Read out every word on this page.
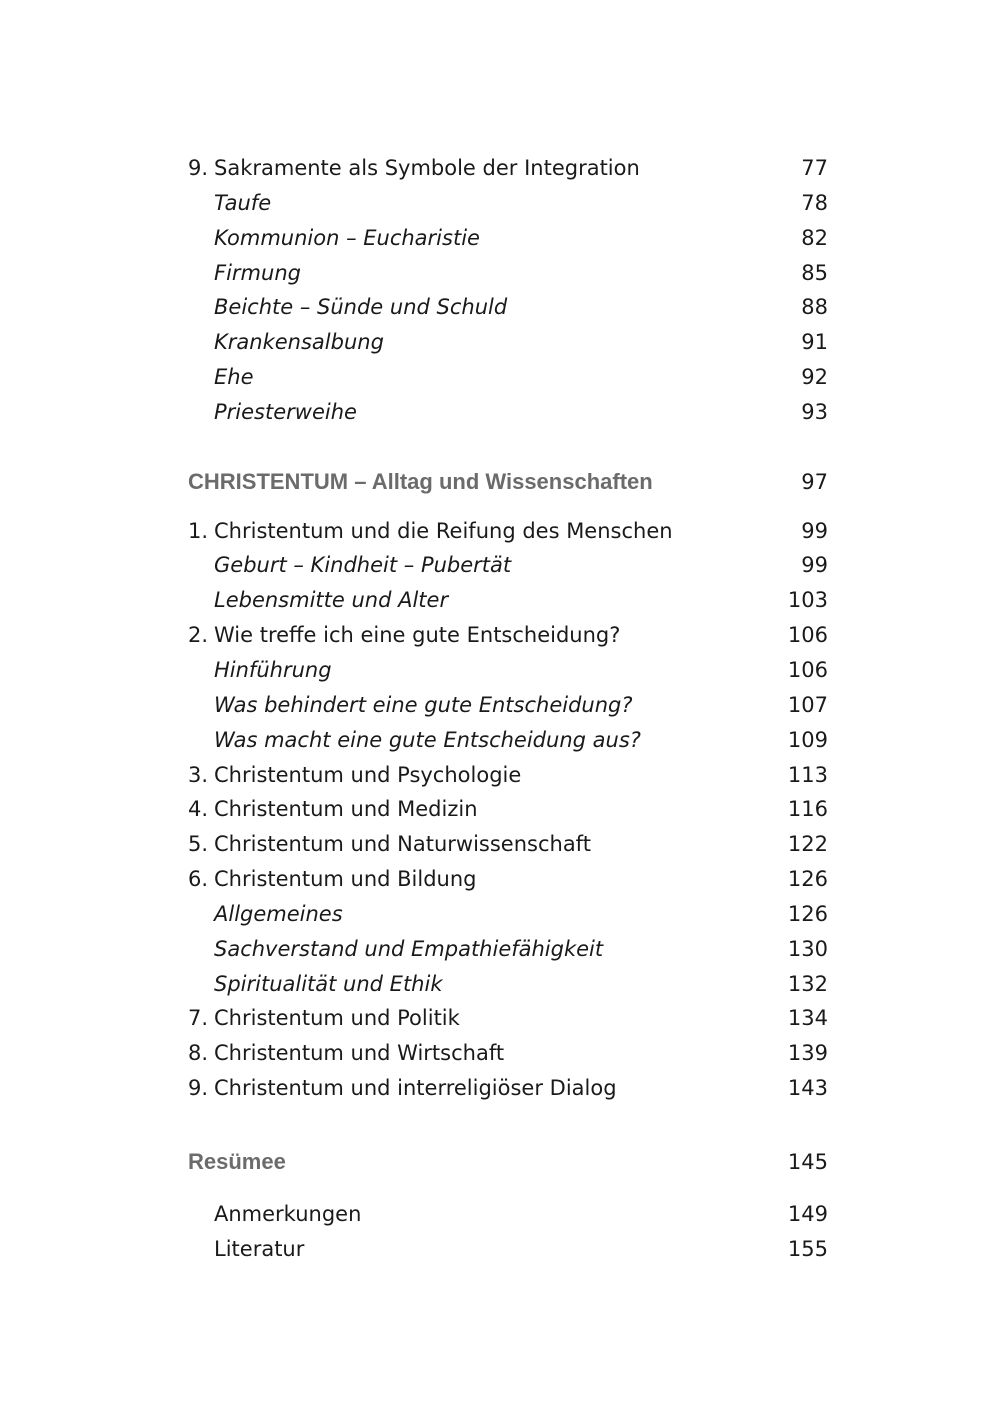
9. Sakramente als Symbole der Integration	77
Taufe	78
Kommunion – Eucharistie	82
Firmung	85
Beichte – Sünde und Schuld	88
Krankensalbung	91
Ehe	92
Priesterweihe	93
CHRISTENTUM – Alltag und Wissenschaften	97
1. Christentum und die Reifung des Menschen	99
Geburt – Kindheit – Pubertät	99
Lebensmitte und Alter	103
2. Wie treffe ich eine gute Entscheidung?	106
Hinführung	106
Was behindert eine gute Entscheidung?	107
Was macht eine gute Entscheidung aus?	109
3. Christentum und Psychologie	113
4. Christentum und Medizin	116
5. Christentum und Naturwissenschaft	122
6. Christentum und Bildung	126
Allgemeines	126
Sachverstand und Empathiefähigkeit	130
Spiritualität und Ethik	132
7. Christentum und Politik	134
8. Christentum und Wirtschaft	139
9. Christentum und interreligiöser Dialog	143
Resümee	145
Anmerkungen	149
Literatur	155
